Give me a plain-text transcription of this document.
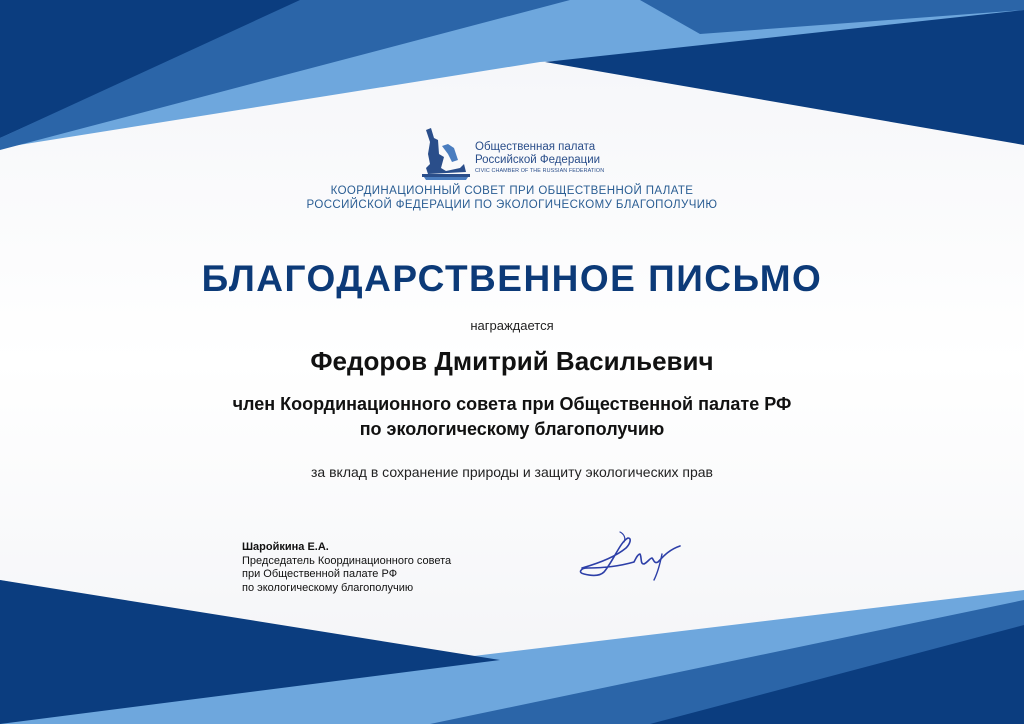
Общественная палата
Российской Федерации
CIVIC CHAMBER OF THE RUSSIAN FEDERATION
КООРДИНАЦИОННЫЙ СОВЕТ ПРИ ОБЩЕСТВЕННОЙ ПАЛАТЕ
РОССИЙСКОЙ ФЕДЕРАЦИИ ПО ЭКОЛОГИЧЕСКОМУ БЛАГОПОЛУЧИЮ
БЛАГОДАРСТВЕННОЕ ПИСЬМО
награждается
Федоров Дмитрий Васильевич
член Координационного совета при Общественной палате РФ
по экологическому благополучию
за вклад в сохранение природы и защиту экологических прав
Шаройкина Е.А.
Председатель Координационного совета
при Общественной палате РФ
по экологическому благополучию
